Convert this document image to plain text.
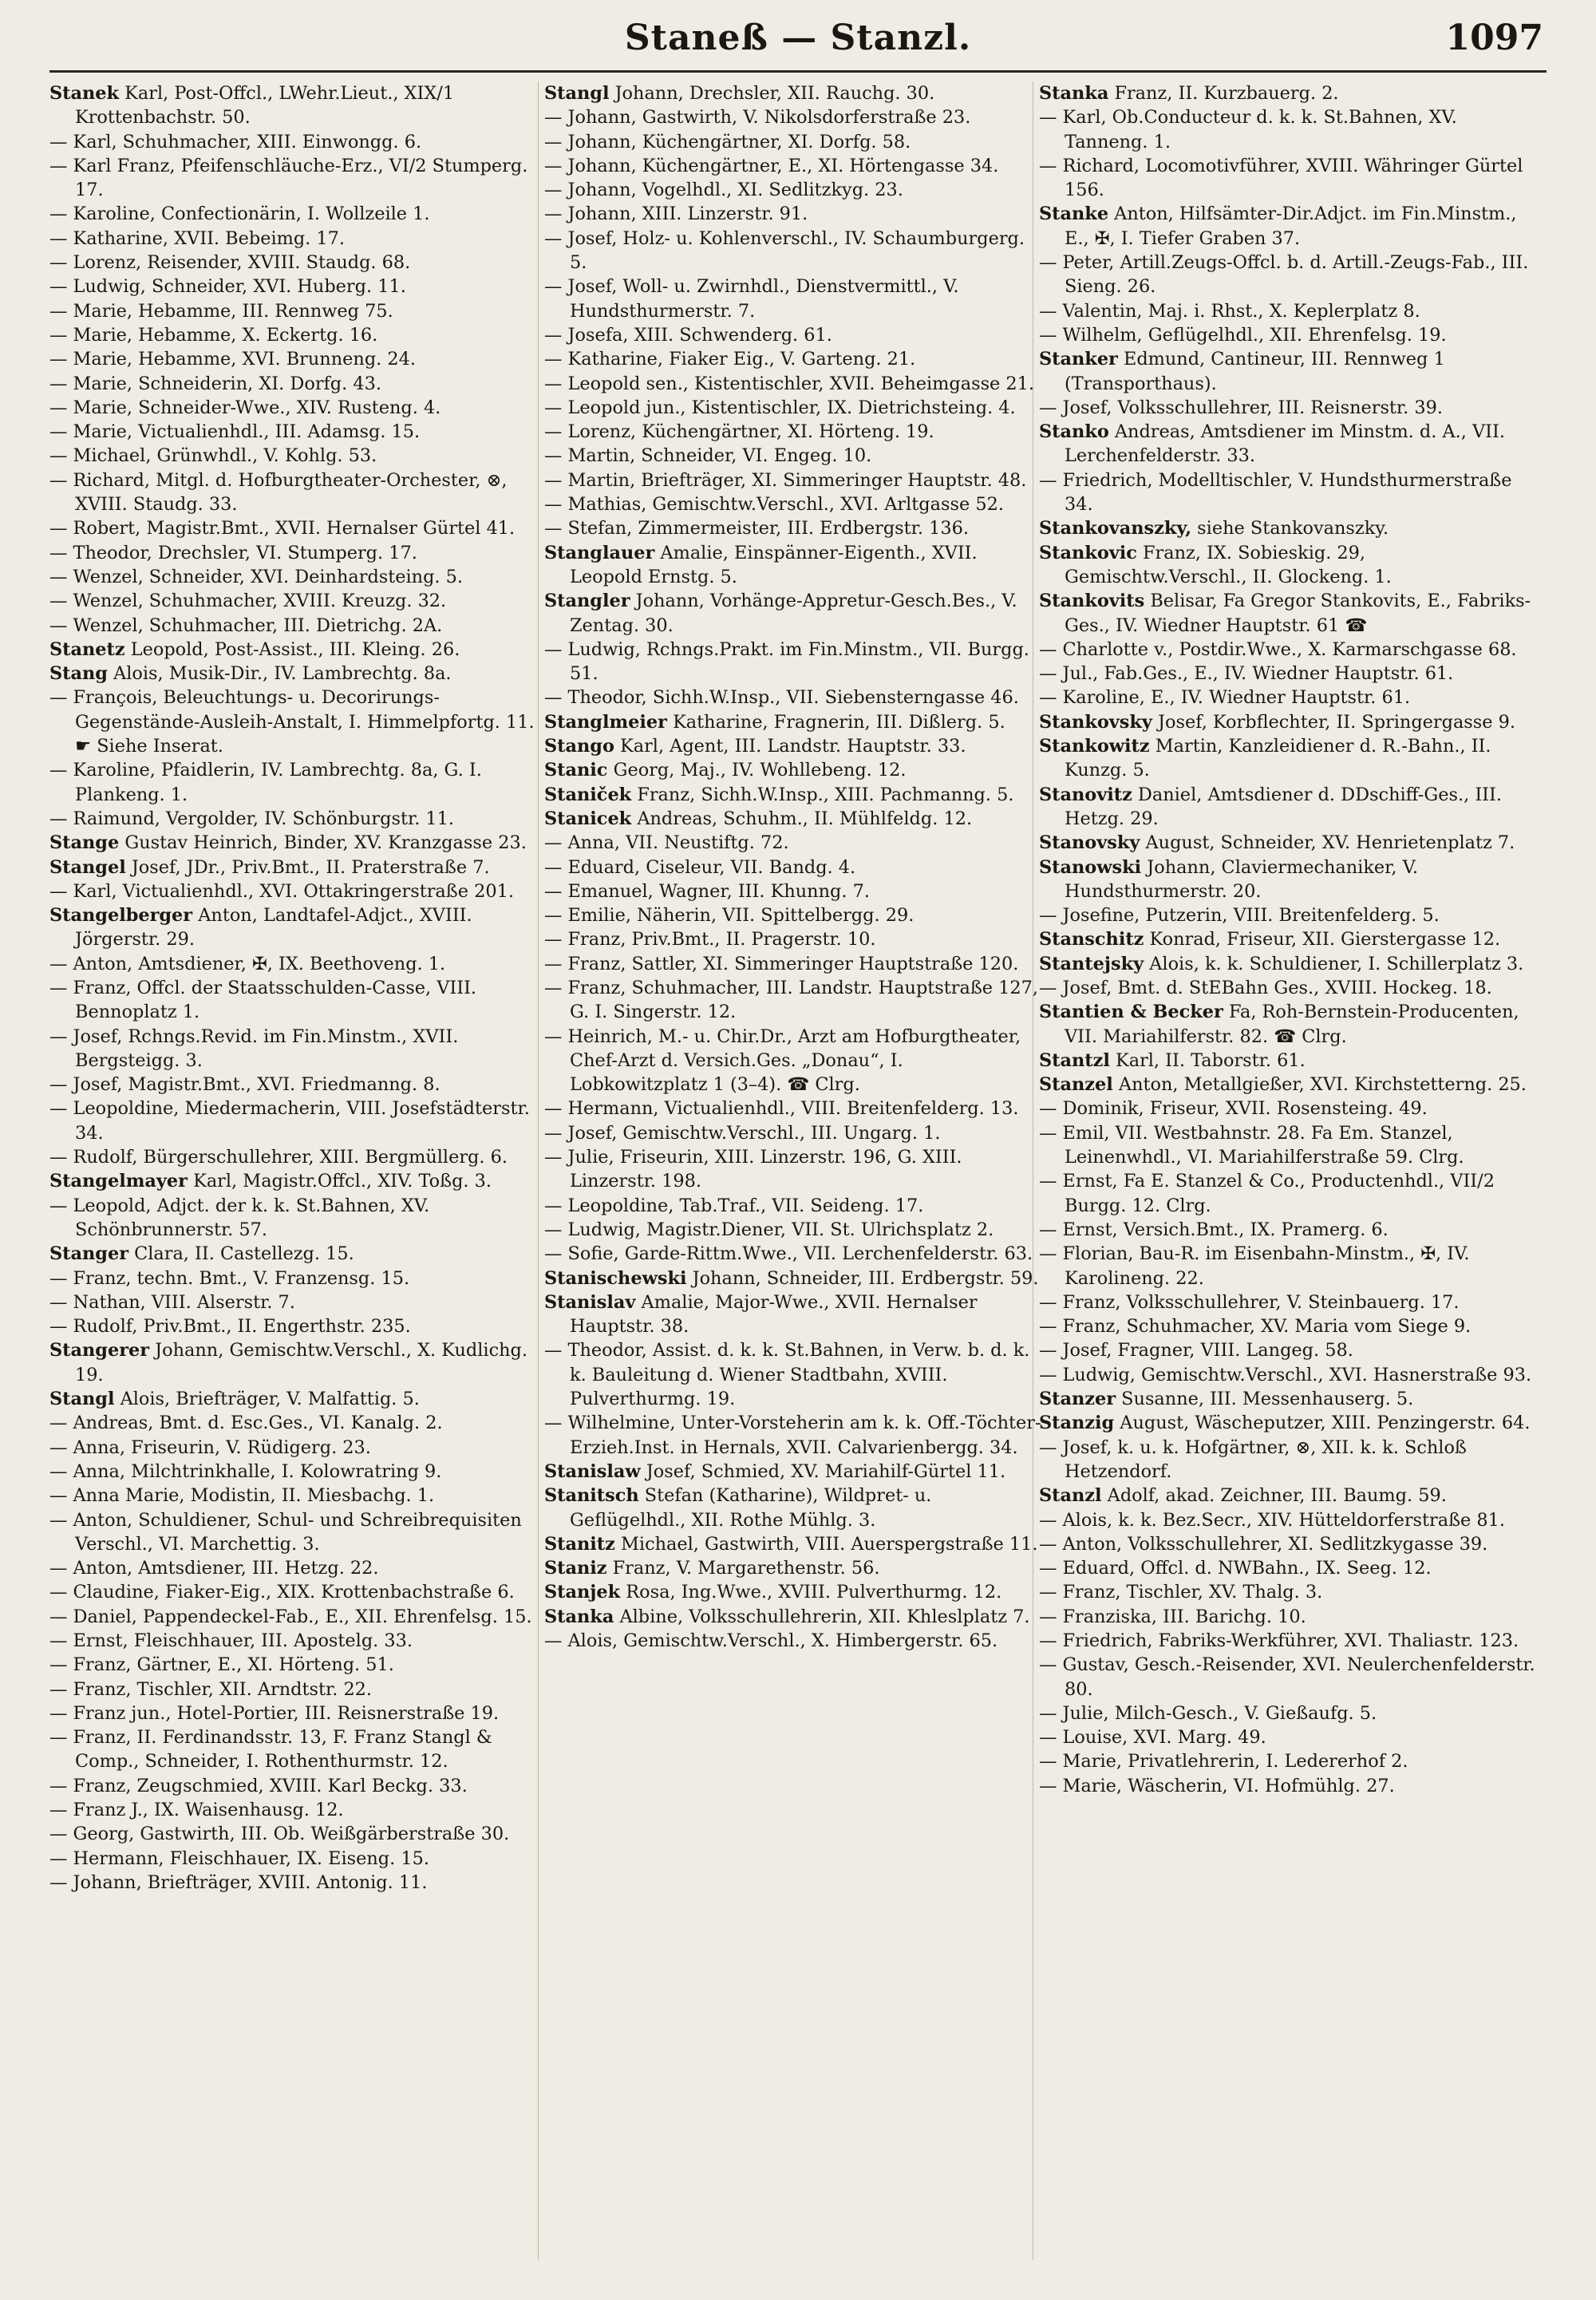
Staneß — Stanzl.	1097
Stanek Karl, Post-Offcl., LWehr.Lieut., XIX/1 Krottenbachstr. 50.
— Karl, Schuhmacher, XIII. Einwongg. 6.
— Karl Franz, Pfeifenschläuche-Erz., VI/2 Stumperg. 17.
— Karoline, Confectionärin, I. Wollzeile 1.
— Katharine, XVII. Bebeimg. 17.
— Lorenz, Reisender, XVIII. Staudg. 68.
— Ludwig, Schneider, XVI. Huberg. 11.
— Marie, Hebamme, III. Rennweg 75.
— Marie, Hebamme, X. Eckertg. 16.
— Marie, Hebamme, XVI. Brunneng. 24.
— Marie, Schneiderin, XI. Dorfg. 43.
— Marie, Schneider-Wwe., XIV. Rusteng. 4.
— Marie, Victualienhdl., III. Adamsg. 15.
— Michael, Grünwhdl., V. Kohlg. 53.
— Richard, Mitgl. d. Hofburgtheater-Orchester, ⊗, XVIII. Staudg. 33.
— Robert, Magistr.Bmt., XVII. Hernalser Gürtel 41.
— Theodor, Drechsler, VI. Stumperg. 17.
— Wenzel, Schneider, XVI. Deinhardsteing. 5.
— Wenzel, Schuhmacher, XVIII. Kreuzg. 32.
— Wenzel, Schuhmacher, III. Dietrichg. 2A.
Stanetz Leopold, Post-Assist., III. Kleing. 26.
Stang Alois, Musik-Dir., IV. Lambrechtg. 8a.
— François, Beleuchtungs- u. Decorirungs-Gegenstände-Ausleih-Anstalt, I. Himmelpfortg. 11. ☛ Siehe Inserat.
— Karoline, Pfaidlerin, IV. Lambrechtg. 8a, G. I. Plankeng. 1.
— Raimund, Vergolder, IV. Schönburgstr. 11.
Stange Gustav Heinrich, Binder, XV. Kranzgasse 23.
Stangel Josef, JDr., Priv.Bmt., II. Praterstraße 7.
— Karl, Victualienhdl., XVI. Ottakringerstraße 201.
Stangelberger Anton, Landtafel-Adjct., XVIII. Jörgerstr. 29.
— Anton, Amtsdiener, ✠, IX. Beethoveng. 1.
— Franz, Offcl. der Staatsschulden-Casse, VIII. Bennoplatz 1.
— Josef, Rchngs.Revid. im Fin.Minstm., XVII. Bergsteigg. 3.
— Josef, Magistr.Bmt., XVI. Friedmanng. 8.
— Leopoldine, Miedermacherin, VIII. Josefstädterstr. 34.
— Rudolf, Bürgerschullehrer, XIII. Bergmüllerg. 6.
Stangelmayer Karl, Magistr.Offcl., XIV. Toßg. 3.
— Leopold, Adjct. der k. k. St.Bahnen, XV. Schönbrunnerstr. 57.
Stanger Clara, II. Castellezg. 15.
— Franz, techn. Bmt., V. Franzensg. 15.
— Nathan, VIII. Alserstr. 7.
— Rudolf, Priv.Bmt., II. Engerthstr. 235.
Stangerer Johann, Gemischtw.Verschl., X. Kudlichg. 19.
Stangl Alois, Briefträger, V. Malfattig. 5.
— Andreas, Bmt. d. Esc.Ges., VI. Kanalg. 2.
— Anna, Friseurin, V. Rüdigerg. 23.
— Anna, Milchtrinkhalle, I. Kolowratring 9.
— Anna Marie, Modistin, II. Miesbachg. 1.
— Anton, Schuldiener, Schul- und Schreibrequisiten Verschl., VI. Marchettig. 3.
— Anton, Amtsdiener, III. Hetzg. 22.
— Claudine, Fiaker-Eig., XIX. Krottenbachstraße 6.
— Daniel, Pappendeckel-Fab., E., XII. Ehrenfelsg. 15.
— Ernst, Fleischhauer, III. Apostelg. 33.
— Franz, Gärtner, E., XI. Hörteng. 51.
— Franz, Tischler, XII. Arndtstr. 22.
— Franz jun., Hotel-Portier, III. Reisnerstraße 19.
— Franz, II. Ferdinandsstr. 13, F. Franz Stangl & Comp., Schneider, I. Rothenthurmstr. 12.
— Franz, Zeugschmied, XVIII. Karl Beckg. 33.
— Franz J., IX. Waisenhausg. 12.
— Georg, Gastwirth, III. Ob. Weißgärberstraße 30.
— Hermann, Fleischhauer, IX. Eiseng. 15.
— Johann, Briefträger, XVIII. Antonig. 11.
Stangl Johann, Drechsler, XII. Rauchg. 30.
— Johann, Gastwirth, V. Nikolsdorferstraße 23.
— Johann, Küchengärtner, XI. Dorfg. 58.
— Johann, Küchengärtner, E., XI. Hörtengasse 34.
— Johann, Vogelhdl., XI. Sedlitzkyg. 23.
— Johann, XIII. Linzerstr. 91.
— Josef, Holz- u. Kohlenverschl., IV. Schaumburgerg. 5.
— Josef, Woll- u. Zwirnhdl., Dienstvermittl., V. Hundsthurmerstr. 7.
— Josefa, XIII. Schwenderg. 61.
— Katharine, Fiaker Eig., V. Garteng. 21.
— Leopold sen., Kistentischler, XVII. Beheimgasse 21.
— Leopold jun., Kistentischler, IX. Dietrichsteing. 4.
— Lorenz, Küchengärtner, XI. Hörteng. 19.
— Martin, Schneider, VI. Engeg. 10.
— Martin, Briefträger, XI. Simmeringer Hauptstr. 48.
— Mathias, Gemischtw.Verschl., XVI. Arltgasse 52.
— Stefan, Zimmermeister, III. Erdbergstr. 136.
Stanglauer Amalie, Einspänner-Eigenth., XVII. Leopold Ernstg. 5.
Stangler Johann, Vorhänge-Appretur-Gesch.Bes., V. Zentag. 30.
— Ludwig, Rchngs.Prakt. im Fin.Minstm., VII. Burgg. 51.
— Theodor, Sichh.W.Insp., VII. Siebensterngasse 46.
Stanglmeier Katharine, Fragnerin, III. Dißlerg. 5.
Stango Karl, Agent, III. Landstr. Hauptstr. 33.
Stanic Georg, Maj., IV. Wohllebeng. 12.
Staniček Franz, Sichh.W.Insp., XIII. Pachmanng. 5.
Stanicek Andreas, Schuhm., II. Mühlfeldg. 12.
— Anna, VII. Neustiftg. 72.
— Eduard, Ciseleur, VII. Bandg. 4.
— Emanuel, Wagner, III. Khunng. 7.
— Emilie, Näherin, VII. Spittelbergg. 29.
— Franz, Priv.Bmt., II. Pragerstr. 10.
— Franz, Sattler, XI. Simmeringer Hauptstraße 120.
— Franz, Schuhmacher, III. Landstr. Hauptstraße 127, G. I. Singerstr. 12.
— Heinrich, M.- u. Chir.Dr., Arzt am Hofburgtheater, Chef-Arzt d. Versich.Ges. „Donau“, I. Lobkowitzplatz 1 (3–4). ☎ Clrg.
— Hermann, Victualienhdl., VIII. Breitenfelderg. 13.
— Josef, Gemischtw.Verschl., III. Ungarg. 1.
— Julie, Friseurin, XIII. Linzerstr. 196, G. XIII. Linzerstr. 198.
— Leopoldine, Tab.Traf., VII. Seideng. 17.
— Ludwig, Magistr.Diener, VII. St. Ulrichsplatz 2.
— Sofie, Garde-Rittm.Wwe., VII. Lerchenfelderstr. 63.
Stanischewski Johann, Schneider, III. Erdbergstr. 59.
Stanislav Amalie, Major-Wwe., XVII. Hernalser Hauptstr. 38.
— Theodor, Assist. d. k. k. St.Bahnen, in Verw. b. d. k. k. Bauleitung d. Wiener Stadtbahn, XVIII. Pulverthurmg. 19.
— Wilhelmine, Unter-Vorsteherin am k. k. Off.-Töchter-Erzieh.Inst. in Hernals, XVII. Calvarienbergg. 34.
Stanislaw Josef, Schmied, XV. Mariahilf-Gürtel 11.
Stanitsch Stefan (Katharine), Wildpret- u. Geflügelhdl., XII. Rothe Mühlg. 3.
Stanitz Michael, Gastwirth, VIII. Auerspergstraße 11.
Staniz Franz, V. Margarethenstr. 56.
Stanjek Rosa, Ing.Wwe., XVIII. Pulverthurmg. 12.
Stanka Albine, Volksschullehrerin, XII. Khleslplatz 7.
— Alois, Gemischtw.Verschl., X. Himbergerstr. 65.
Stanka Franz, II. Kurzbauerg. 2.
— Karl, Ob.Conducteur d. k. k. St.Bahnen, XV. Tanneng. 1.
— Richard, Locomotivführer, XVIII. Währinger Gürtel 156.
Stanke Anton, Hilfsämter-Dir.Adjct. im Fin.Minstm., E., ✠, I. Tiefer Graben 37.
— Peter, Artill.Zeugs-Offcl. b. d. Artill.-Zeugs-Fab., III. Sieng. 26.
— Valentin, Maj. i. Rhst., X. Keplerplatz 8.
— Wilhelm, Geflügelhdl., XII. Ehrenfelsg. 19.
Stanker Edmund, Cantineur, III. Rennweg 1 (Transporthaus).
— Josef, Volksschullehrer, III. Reisnerstr. 39.
Stanko Andreas, Amtsdiener im Minstm. d. A., VII. Lerchenfelderstr. 33.
— Friedrich, Modelltischler, V. Hundsthurmerstraße 34.
Stankovanszky, siehe Stankovanszky.
Stankovic Franz, IX. Sobieskig. 29, Gemischtw.Verschl., II. Glockeng. 1.
Stankovits Belisar, Fa Gregor Stankovits, E., Fabriks-Ges., IV. Wiedner Hauptstr. 61 ☎
— Charlotte v., Postdir.Wwe., X. Karmarschgasse 68.
— Jul., Fab.Ges., E., IV. Wiedner Hauptstr. 61.
— Karoline, E., IV. Wiedner Hauptstr. 61.
Stankovsky Josef, Korbflechter, II. Springergasse 9.
Stankowitz Martin, Kanzleidiener d. R.-Bahn., II. Kunzg. 5.
Stanovitz Daniel, Amtsdiener d. DDschiff-Ges., III. Hetzg. 29.
Stanovsky August, Schneider, XV. Henrietenplatz 7.
Stanowski Johann, Claviermechaniker, V. Hundsthurmerstr. 20.
— Josefine, Putzerin, VIII. Breitenfelderg. 5.
Stanschitz Konrad, Friseur, XII. Gierstergasse 12.
Stantejsky Alois, k. k. Schuldiener, I. Schillerplatz 3.
— Josef, Bmt. d. StEBahn Ges., XVIII. Hockeg. 18.
Stantien & Becker Fa, Roh-Bernstein-Producenten, VII. Mariahilferstr. 82. ☎ Clrg.
Stantzl Karl, II. Taborstr. 61.
Stanzel Anton, Metallgießer, XVI. Kirchstetterng. 25.
— Dominik, Friseur, XVII. Rosensteing. 49.
— Emil, VII. Westbahnstr. 28. Fa Em. Stanzel, Leinenwhdl., VI. Mariahilferstraße 59. Clrg.
— Ernst, Fa E. Stanzel & Co., Productenhdl., VII/2 Burgg. 12. Clrg.
— Ernst, Versich.Bmt., IX. Pramerg. 6.
— Florian, Bau-R. im Eisenbahn-Minstm., ✠, IV. Karolineng. 22.
— Franz, Volksschullehrer, V. Steinbauerg. 17.
— Franz, Schuhmacher, XV. Maria vom Siege 9.
— Josef, Fragner, VIII. Langeg. 58.
— Ludwig, Gemischtw.Verschl., XVI. Hasnerstraße 93.
Stanzer Susanne, III. Messenhauserg. 5.
Stanzig August, Wäscheputzer, XIII. Penzingerstr. 64.
— Josef, k. u. k. Hofgärtner, ⊗, XII. k. k. Schloß Hetzendorf.
Stanzl Adolf, akad. Zeichner, III. Baumg. 59.
— Alois, k. k. Bez.Secr., XIV. Hütteldorferstraße 81.
— Anton, Volksschullehrer, XI. Sedlitzkygasse 39.
— Eduard, Offcl. d. NWBahn., IX. Seeg. 12.
— Franz, Tischler, XV. Thalg. 3.
— Franziska, III. Barichg. 10.
— Friedrich, Fabriks-Werkführer, XVI. Thaliastr. 123.
— Gustav, Gesch.-Reisender, XVI. Neulerchenfelderstr. 80.
— Julie, Milch-Gesch., V. Gießaufg. 5.
— Louise, XVI. Marg. 49.
— Marie, Privatlehrerin, I. Ledererhof 2.
— Marie, Wäscherin, VI. Hofmühlg. 27.
